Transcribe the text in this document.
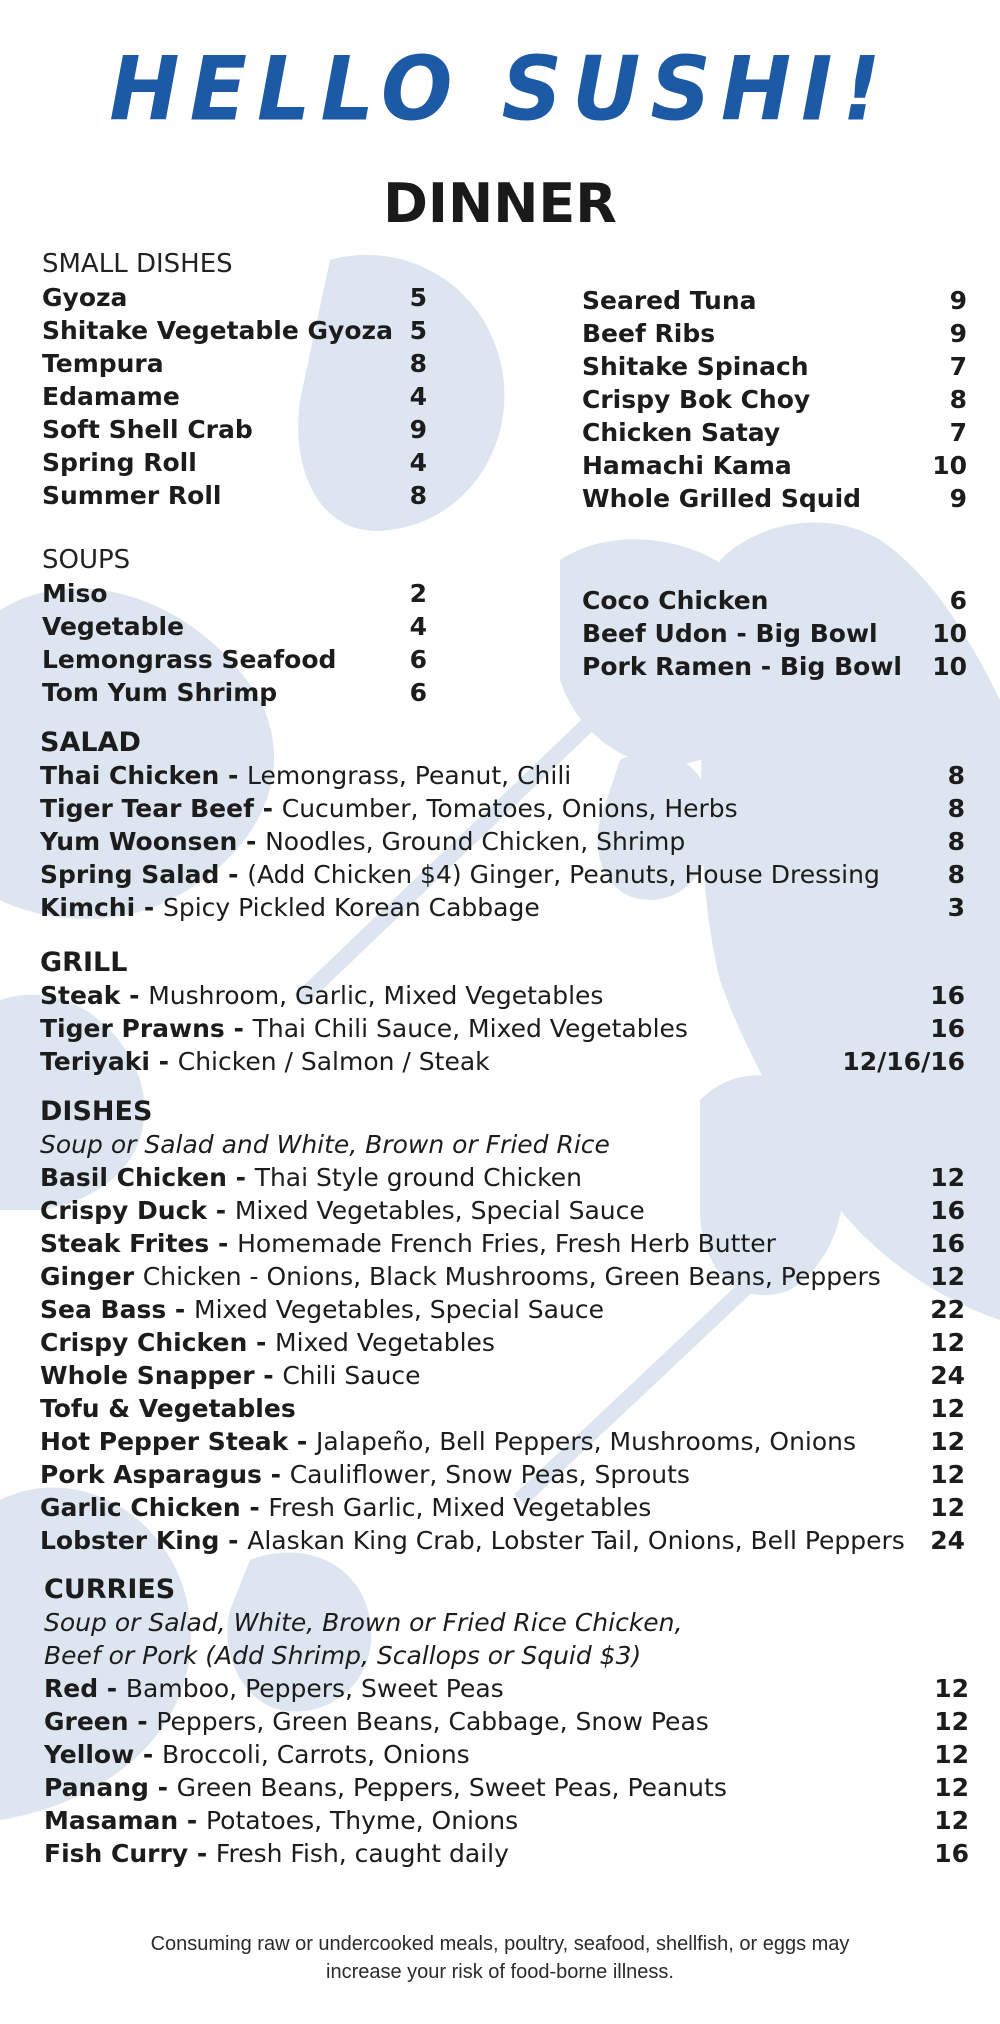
HELLO SUSHI!
DINNER
SMALL DISHES
Gyoza	5
Shitake Vegetable Gyoza 5
Tempura	8
Edamame	4
Soft Shell Crab	9
Spring Roll	4
Summer Roll	8
Seared Tuna	9
Beef Ribs	9
Shitake Spinach	7
Crispy Bok Choy	8
Chicken Satay	7
Hamachi Kama	10
Whole Grilled Squid	9
SOUPS
Miso	2
Vegetable	4
Lemongrass Seafood	6
Tom Yum Shrimp	6
Coco Chicken	6
Beef Udon - Big Bowl	10
Pork Ramen - Big Bowl	10
SALAD
Thai Chicken - Lemongrass, Peanut, Chili	8
Tiger Tear Beef - Cucumber, Tomatoes, Onions, Herbs	8
Yum Woonsen - Noodles, Ground Chicken, Shrimp	8
Spring Salad - (Add Chicken $4) Ginger, Peanuts, House Dressing	8
Kimchi - Spicy Pickled Korean Cabbage	3
GRILL
Steak - Mushroom, Garlic, Mixed Vegetables	16
Tiger Prawns - Thai Chili Sauce, Mixed Vegetables	16
Teriyaki - Chicken / Salmon / Steak	12/16/16
DISHES
Soup or Salad and White, Brown or Fried Rice
Basil Chicken - Thai Style ground Chicken	12
Crispy Duck - Mixed Vegetables, Special Sauce	16
Steak Frites - Homemade French Fries, Fresh Herb Butter	16
Ginger Chicken - Onions, Black Mushrooms, Green Beans, Peppers	12
Sea Bass - Mixed Vegetables, Special Sauce	22
Crispy Chicken - Mixed Vegetables	12
Whole Snapper - Chili Sauce	24
Tofu & Vegetables	12
Hot Pepper Steak - Jalapeño, Bell Peppers, Mushrooms, Onions	12
Pork Asparagus - Cauliflower, Snow Peas, Sprouts	12
Garlic Chicken - Fresh Garlic, Mixed Vegetables	12
Lobster King - Alaskan King Crab, Lobster Tail, Onions, Bell Peppers	24
CURRIES
Soup or Salad, White, Brown or Fried Rice Chicken,
Beef or Pork (Add Shrimp, Scallops or Squid $3)
Red - Bamboo, Peppers, Sweet Peas	12
Green - Peppers, Green Beans, Cabbage, Snow Peas	12
Yellow - Broccoli, Carrots, Onions	12
Panang - Green Beans, Peppers, Sweet Peas, Peanuts	12
Masaman - Potatoes, Thyme, Onions	12
Fish Curry - Fresh Fish, caught daily	16
Consuming raw or undercooked meals, poultry, seafood, shellfish, or eggs may
increase your risk of food-borne illness.
